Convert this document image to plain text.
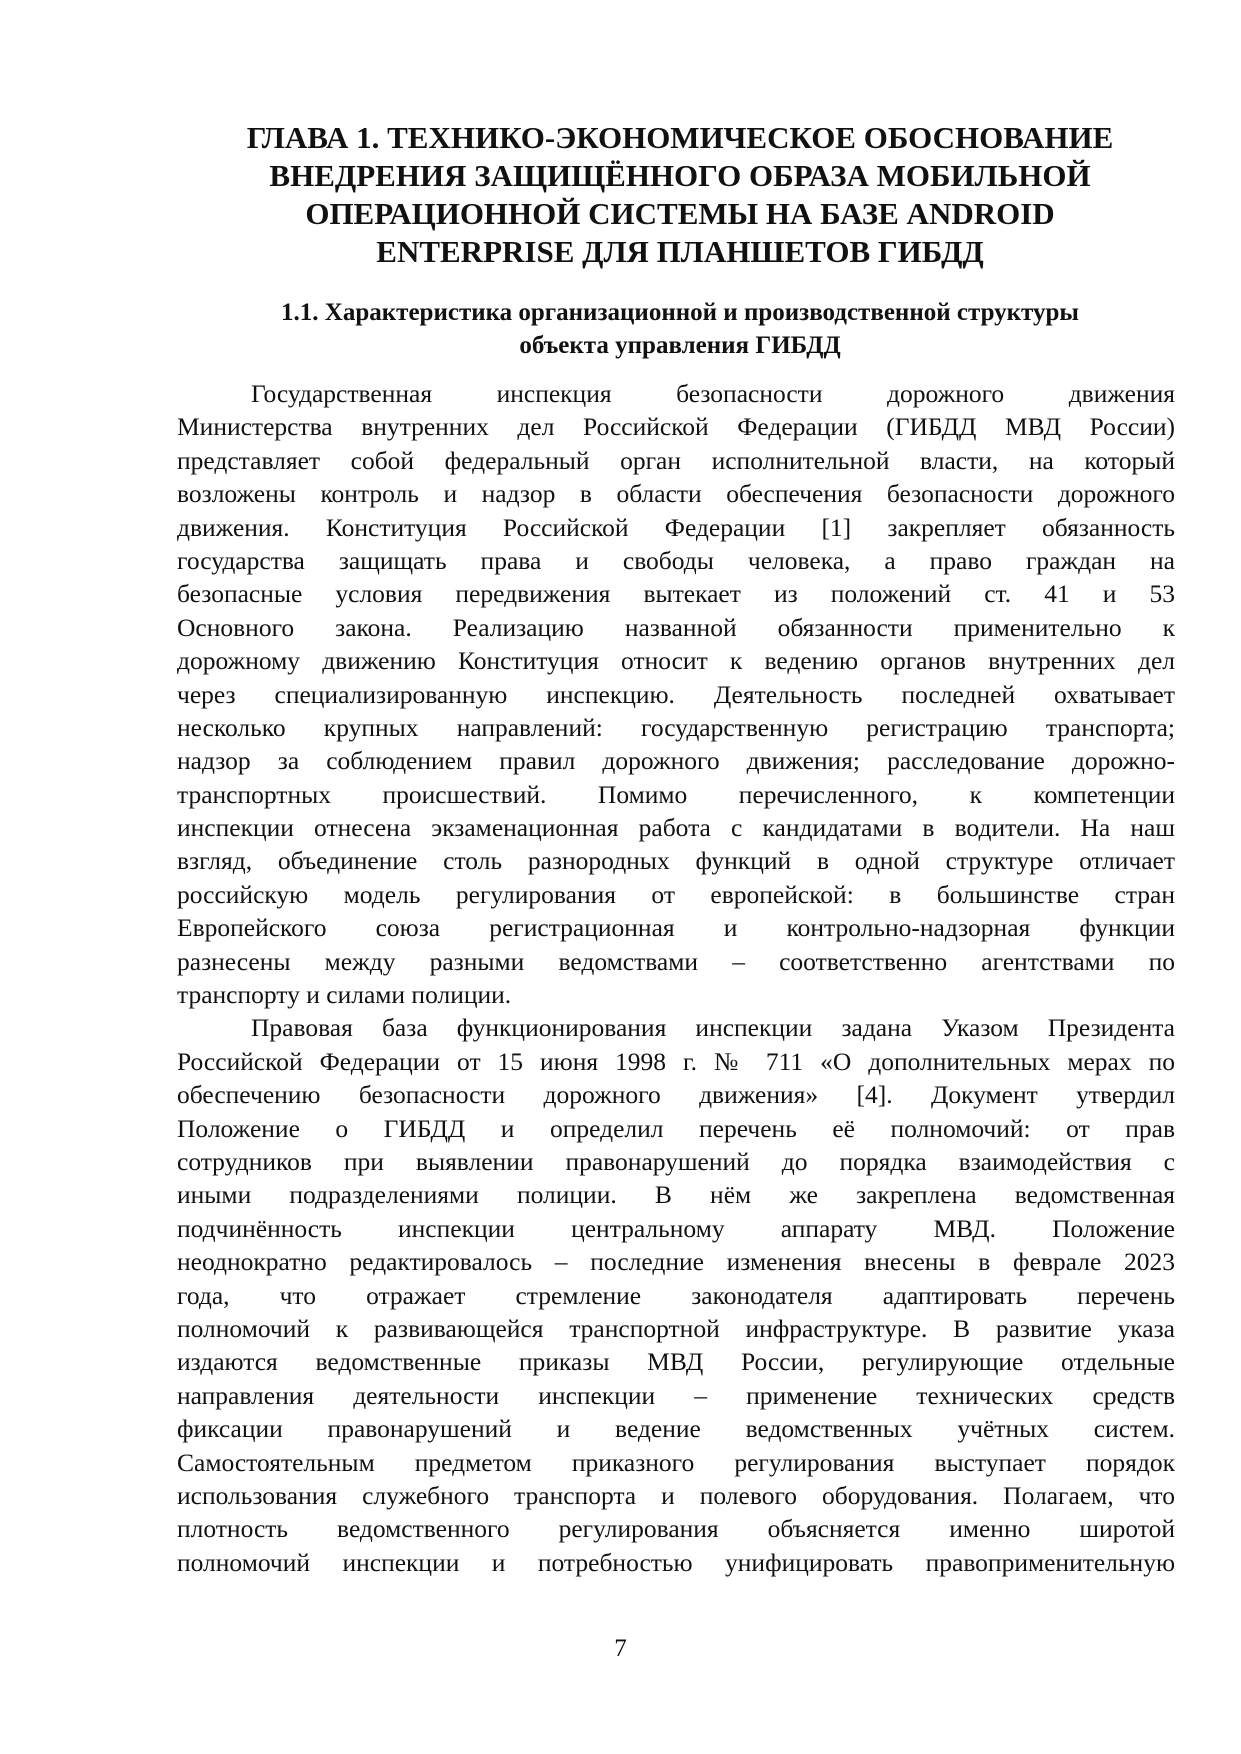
ГЛАВА 1. ТЕХНИКО-ЭКОНОМИЧЕСКОЕ ОБОСНОВАНИЕ
ВНЕДРЕНИЯ ЗАЩИЩЁННОГО ОБРАЗА МОБИЛЬНОЙ
ОПЕРАЦИОННОЙ СИСТЕМЫ НА БАЗЕ ANDROID
ENTERPRISE ДЛЯ ПЛАНШЕТОВ ГИБДД
1.1. Характеристика организационной и производственной структуры
объекта управления ГИБДД
Государственная инспекция безопасности дорожного движения
Министерства внутренних дел Российской Федерации (ГИБДД МВД России)
представляет собой федеральный орган исполнительной власти, на который
возложены контроль и надзор в области обеспечения безопасности дорожного
движения. Конституция Российской Федерации [1] закрепляет обязанность
государства защищать права и свободы человека, а право граждан на
безопасные условия передвижения вытекает из положений ст. 41 и 53
Основного закона. Реализацию названной обязанности применительно к
дорожному движению Конституция относит к ведению органов внутренних дел
через специализированную инспекцию. Деятельность последней охватывает
несколько крупных направлений: государственную регистрацию транспорта;
надзор за соблюдением правил дорожного движения; расследование дорожно-
транспортных происшествий. Помимо перечисленного, к компетенции
инспекции отнесена экзаменационная работа с кандидатами в водители. На наш
взгляд, объединение столь разнородных функций в одной структуре отличает
российскую модель регулирования от европейской: в большинстве стран
Европейского союза регистрационная и контрольно-надзорная функции
разнесены между разными ведомствами – соответственно агентствами по
транспорту и силами полиции.
Правовая база функционирования инспекции задана Указом Президента
Российской Федерации от 15 июня 1998 г. № 711 «О дополнительных мерах по
обеспечению безопасности дорожного движения» [4]. Документ утвердил
Положение о ГИБДД и определил перечень её полномочий: от прав
сотрудников при выявлении правонарушений до порядка взаимодействия с
иными подразделениями полиции. В нём же закреплена ведомственная
подчинённость инспекции центральному аппарату МВД. Положение
неоднократно редактировалось – последние изменения внесены в феврале 2023
года, что отражает стремление законодателя адаптировать перечень
полномочий к развивающейся транспортной инфраструктуре. В развитие указа
издаются ведомственные приказы МВД России, регулирующие отдельные
направления деятельности инспекции – применение технических средств
фиксации правонарушений и ведение ведомственных учётных систем.
Самостоятельным предметом приказного регулирования выступает порядок
использования служебного транспорта и полевого оборудования. Полагаем, что
плотность ведомственного регулирования объясняется именно широтой
полномочий инспекции и потребностью унифицировать правоприменительную
7
